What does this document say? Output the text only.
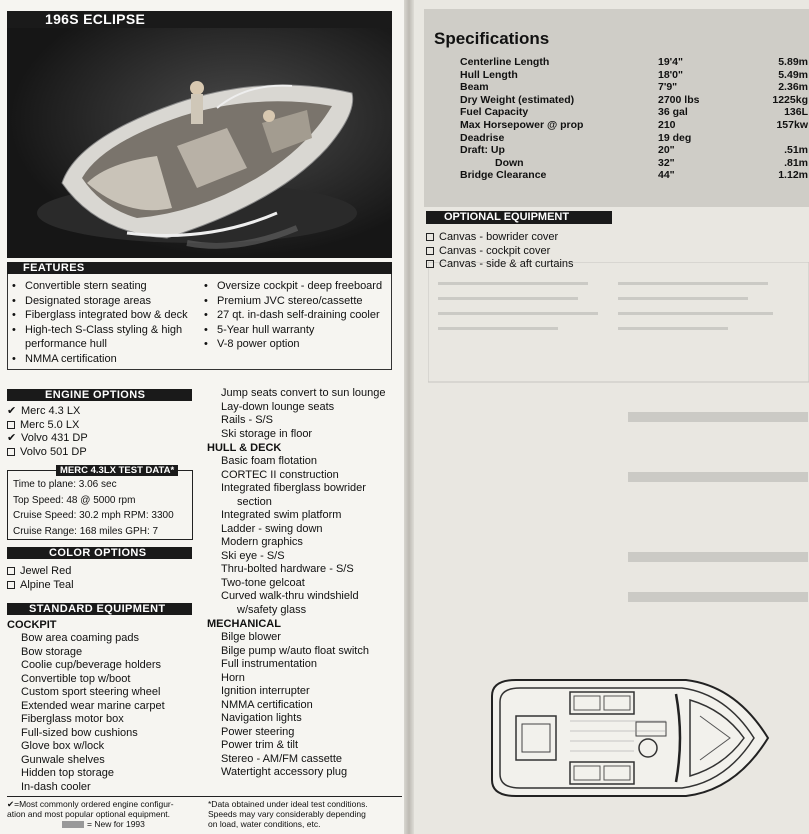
196S ECLIPSE
FEATURES
• Convertible stern seating
• Designated storage areas
• Fiberglass integrated bow & deck
• High-tech S-Class styling & high performance hull
• NMMA certification
• Oversize cockpit - deep freeboard
• Premium JVC stereo/cassette
• 27 qt. in-dash self-draining cooler
• 5-Year hull warranty
• V-8 power option
ENGINE OPTIONS
✔ Merc 4.3 LX
Merc 5.0 LX
✔ Volvo 431 DP
Volvo 501 DP
MERC 4.3LX TEST DATA*
Time to plane: 3.06 sec
Top Speed: 48 @ 5000 rpm
Cruise Speed: 30.2 mph RPM: 3300
Cruise Range: 168 miles GPH: 7
COLOR OPTIONS
Jewel Red
Alpine Teal
STANDARD EQUIPMENT
COCKPIT
Bow area coaming pads
Bow storage
Coolie cup/beverage holders
Convertible top w/boot
Custom sport steering wheel
Extended wear marine carpet
Fiberglass motor box
Full-sized bow cushions
Glove box w/lock
Gunwale shelves
Hidden top storage
In-dash cooler
Jump seats convert to sun lounge
Lay-down lounge seats
Rails - S/S
Ski storage in floor
HULL & DECK
Basic foam flotation
CORTEC II construction
Integrated fiberglass bowrider
section
Integrated swim platform
Ladder - swing down
Modern graphics
Ski eye - S/S
Thru-bolted hardware - S/S
Two-tone gelcoat
Curved walk-thru windshield
w/safety glass
MECHANICAL
Bilge blower
Bilge pump w/auto float switch
Full instrumentation
Horn
Ignition interrupter
NMMA certification
Navigation lights
Power steering
Power trim & tilt
Stereo - AM/FM cassette
Watertight accessory plug
✔=Most commonly ordered engine configur-
ation and most popular optional equipment.
= New for 1993
*Data obtained under ideal test conditions.
Speeds may vary considerably depending
on load, water conditions, etc.
Specifications
Centerline Length	19'4"	5.89m
Hull Length	18'0"	5.49m
Beam	7'9"	2.36m
Dry Weight (estimated)	2700 lbs	1225kg
Fuel Capacity	36 gal	136L
Max Horsepower @ prop	210	157kw
Deadrise	19 deg
Draft: Up	20"	.51m
Down	32"	.81m
Bridge Clearance	44"	1.12m
OPTIONAL EQUIPMENT
Canvas - bowrider cover
Canvas - cockpit cover
Canvas - side & aft curtains
